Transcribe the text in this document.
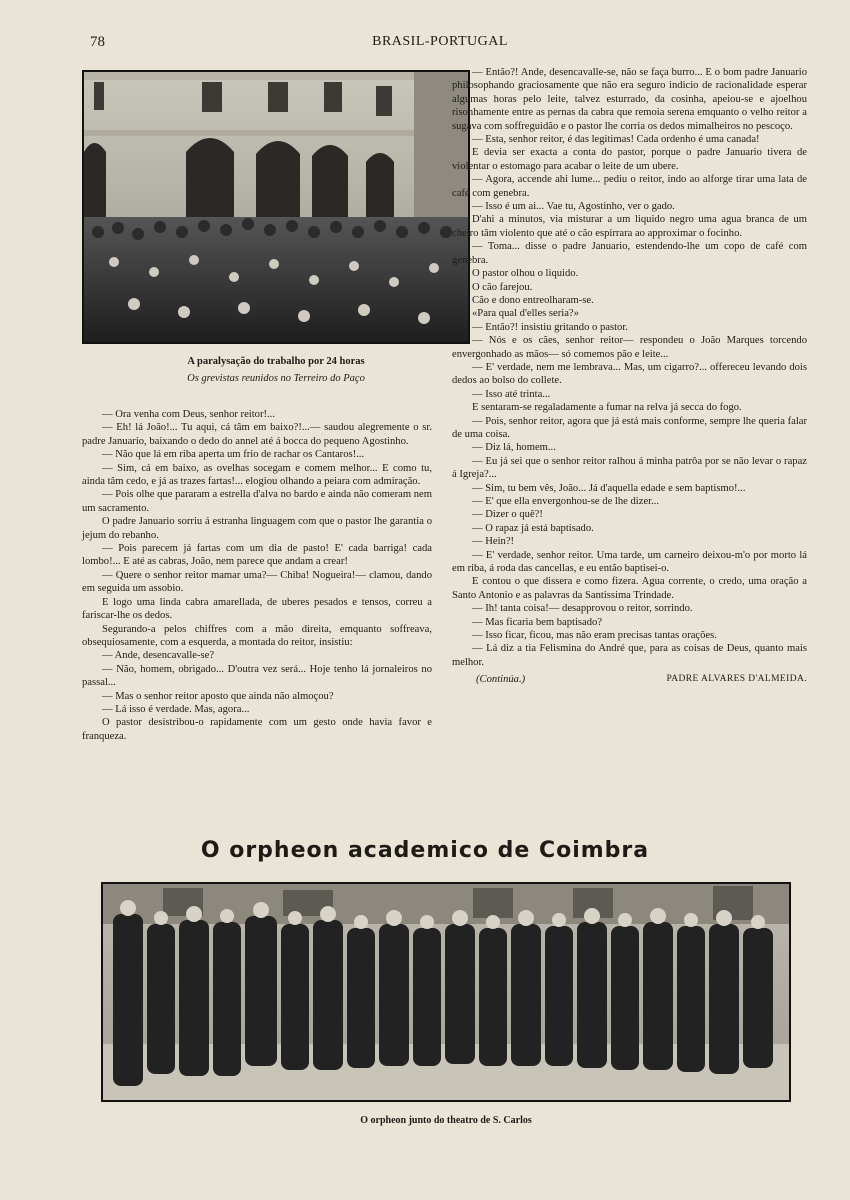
78	BRASIL-PORTUGAL
A paralysação do trabalho por 24 horas
Os grevistas reunidos no Terreiro do Paço

— Ora venha com Deus, senhor reitor!...

— Eh! lá João!... Tu aqui, cá tâm em baixo?!...— saudou alegremente o sr. padre Januario, baixando o dedo do annel até á bocca do pequeno Agostinho.

— Não que lá em riba aperta um frio de rachar os Cantaros!...

— Sim, cá em baixo, as ovelhas socegam e comem melhor... E como tu, ainda tâm cedo, e já as trazes fartas!... elogiou olhando a peiara com admiração.

— Pois olhe que pararam a estrella d'alva no bardo e ainda não comeram nem um sacramento.

O padre Januario sorriu á estranha linguagem com que o pastor lhe garantia o jejum do rebanho.

— Pois parecem já fartas com um dia de pasto! E' cada barriga! cada lombo!... E até as cabras, João, nem parece que andam a crear!

— Quere o senhor reitor mamar uma?— Chiba! Nogueira!— clamou, dando em seguida um assobio.

E logo uma linda cabra amarellada, de uberes pesados e tensos, correu a fariscar-lhe os dedos.

Segurando-a pelos chiffres com a mão direita, emquanto soffreava, obsequiosamente, com a esquerda, a montada do reitor, insistiu:

— Ande, desencavalle-se?

— Não, homem, obrigado... D'outra vez será... Hoje tenho lá jornaleiros no passal...

— Mas o senhor reitor aposto que ainda não almoçou?

— Lá isso é verdade. Mas, agora...

O pastor desistribou-o rapidamente com um gesto onde havia favor e franqueza.

— Então?! Ande, desencavalle-se, não se faça burro... E o bom padre Januario philosophando graciosamente que não era seguro indicio de racionalidade esperar algumas horas pelo leite, talvez esturrado, da cosinha, apeiou-se e ajoelhou risonhamente entre as pernas da cabra que remoia serena emquanto o velho reitor a sugava com soffreguidão e o pastor lhe corria os dedos mimalheiros no pescoço.

— Esta, senhor reitor, é das legitimas! Cada ordenho é uma canada!

E devia ser exacta a conta do pastor, porque o padre Januario tivera de violentar o estomago para acabar o leite de um ubere.

— Agora, accende ahi lume... pediu o reitor, indo ao alforge tirar uma lata de café com genebra.

— Isso é um ai... Vae tu, Agostinho, ver o gado.

D'ahi a minutos, via misturar a um liquido negro uma agua branca de um cheiro tâm violento que até o cão espirrara ao approximar o focinho.

— Toma... disse o padre Januario, estendendo-lhe um copo de café com genebra.

O pastor olhou o liquido.

O cão farejou.

Cão e dono entreolharam-se.

«Para qual d'elles seria?»

— Então?! insistiu gritando o pastor.

— Nós e os cães, senhor reitor— respondeu o João Marques torcendo envergonhado as mãos— só comemos pão e leite...

— E' verdade, nem me lembrava... Mas, um cigarro?... offereceu levando dois dedos ao bolso do collete.

— Isso até trinta...

E sentaram-se regaladamente a fumar na relva já secca do fogo.

— Pois, senhor reitor, agora que já está mais conforme, sempre lhe queria falar de uma coisa.

— Diz lá, homem...

— Eu já sei que o senhor reitor ralhou á minha patrôa por se não levar o rapaz á Igreja?...

— Sim, tu bem vês, João... Já d'aquella edade e sem baptismo!...

— E' que ella envergonhou-se de lhe dizer...

— Dizer o quê?!

— O rapaz já está baptisado.

— Hein?!

— E' verdade, senhor reitor. Uma tarde, um carneiro deixou-m'o por morto lá em riba, á roda das cancellas, e eu então baptisei-o.

E contou o que dissera e como fizera. Agua corrente, o credo, uma oração a Santo Antonio e as palavras da Santissima Trindade.

— Ih! tanta coisa!— desapprovou o reitor, sorrindo.

— Mas ficaria bem baptisado?

— Isso ficar, ficou, mas não eram precisas tantas orações.

— Lá diz a tia Felismina do André que, para as coisas de Deus, quanto mais melhor.

(Continúa.)	PADRE ALVARES D'ALMEIDA.
O orpheon academico de Coimbra
O orpheon junto do theatro de S. Carlos
